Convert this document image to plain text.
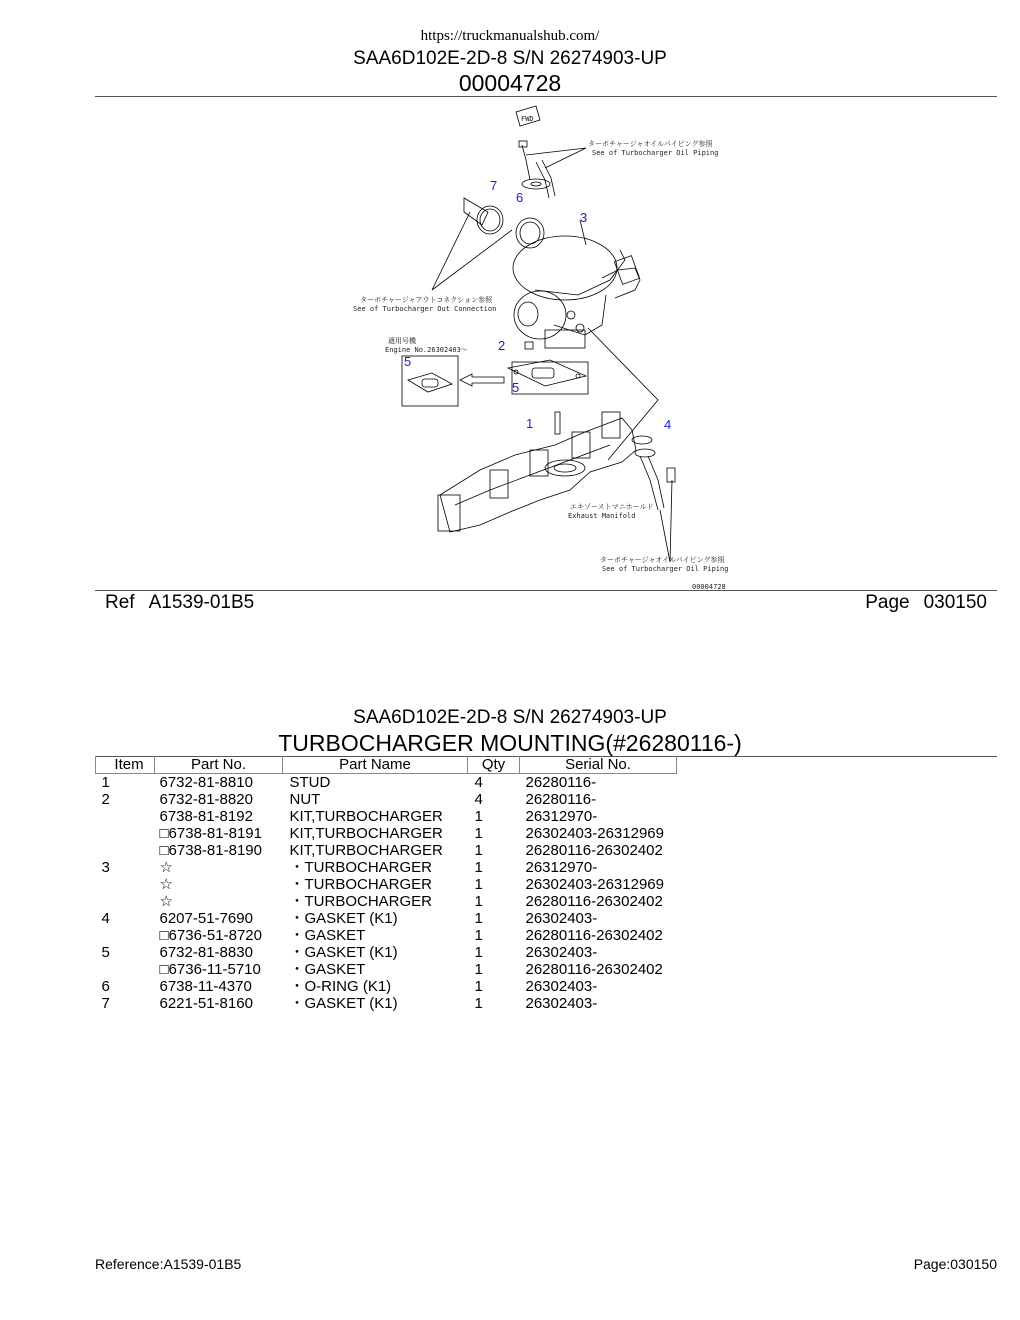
https://truckmanualshub.com/
SAA6D102E-2D-8 S/N 26274903-UP
00004728
FWD
7
6
3
2
5
5
1	4
ターボチャージャオイルパイピング参照
See of Turbocharger Oil Piping
ターボチャージャアウトコネクション参照
See of Turbocharger Out Connection
適用号機
Engine No.26302403～
エキゾーストマニホールド
Exhaust Manifold
ターボチャージャオイルパイピング参照
See of Turbocharger Oil Piping
00004728
Ref A1539-01B5	Page 030150
SAA6D102E-2D-8 S/N 26274903-UP
TURBOCHARGER MOUNTING(#26280116-)
Item	Part No.	Part Name	Qty	Serial No.
1	6732-81-8810	STUD	4	26280116-
2	6732-81-8820	NUT	4	26280116-
	6738-81-8192	KIT,TURBOCHARGER	1	26312970-
	□6738-81-8191	KIT,TURBOCHARGER	1	26302403-26312969
	□6738-81-8190	KIT,TURBOCHARGER	1	26280116-26302402
3	☆	・TURBOCHARGER	1	26312970-
	☆	・TURBOCHARGER	1	26302403-26312969
	☆	・TURBOCHARGER	1	26280116-26302402
4	6207-51-7690	・GASKET (K1)	1	26302403-
	□6736-51-8720	・GASKET	1	26280116-26302402
5	6732-81-8830	・GASKET (K1)	1	26302403-
	□6736-11-5710	・GASKET	1	26280116-26302402
6	6738-11-4370	・O-RING (K1)	1	26302403-
7	6221-51-8160	・GASKET (K1)	1	26302403-
Reference:A1539-01B5	Page:030150
